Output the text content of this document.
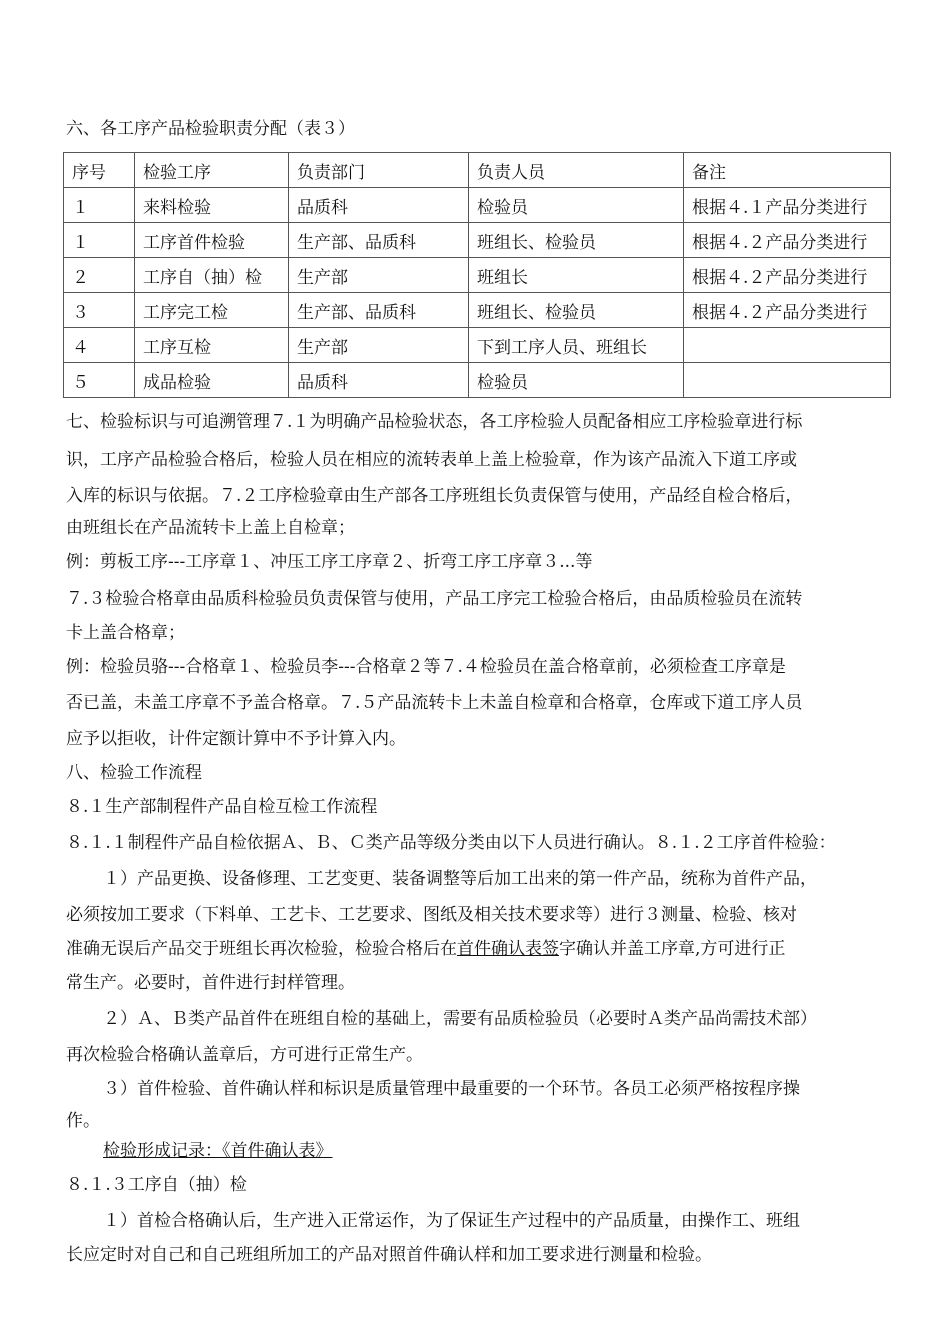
六、各工序产品检验职责分配（表３）
序号	检验工序	负责部门	负责人员	备注
１	来料检验	品质科	检验员	根据４.１产品分类进行
１	工序首件检验	生产部、品质科	班组长、检验员	根据４.２产品分类进行
２	工序自（抽）检	生产部	班组长	根据４.２产品分类进行
３	工序完工检	生产部、品质科	班组长、检验员	根据４.２产品分类进行
４	工序互检	生产部	下到工序人员、班组长	
５	成品检验	品质科	检验员	
七、检验标识与可追溯管理７.１为明确产品检验状态，各工序检验人员配备相应工序检验章进行标
识，工序产品检验合格后，检验人员在相应的流转表单上盖上检验章，作为该产品流入下道工序或
入库的标识与依据。７.２工序检验章由生产部各工序班组长负责保管与使用，产品经自检合格后，
由班组长在产品流转卡上盖上自检章；
例：剪板工序---工序章１、冲压工序工序章２、折弯工序工序章３...等
７.３检验合格章由品质科检验员负责保管与使用，产品工序完工检验合格后，由品质检验员在流转
卡上盖合格章；
例：检验员骆---合格章１、检验员李---合格章２等７.４检验员在盖合格章前，必须检查工序章是
否已盖，未盖工序章不予盖合格章。７.５产品流转卡上未盖自检章和合格章，仓库或下道工序人员
应予以拒收，计件定额计算中不予计算入内。
八、检验工作流程
８.１生产部制程件产品自检互检工作流程
８.１.１制程件产品自检依据Ａ、Ｂ、Ｃ类产品等级分类由以下人员进行确认。８.１.２工序首件检验：
１）产品更换、设备修理、工艺变更、装备调整等后加工出来的第一件产品，统称为首件产品，
必须按加工要求（下料单、工艺卡、工艺要求、图纸及相关技术要求等）进行３测量、检验、核对
准确无误后产品交于班组长再次检验，检验合格后在首件确认表签字确认并盖工序章,方可进行正
常生产。必要时，首件进行封样管理。
２）Ａ、Ｂ类产品首件在班组自检的基础上，需要有品质检验员（必要时Ａ类产品尚需技术部）
再次检验合格确认盖章后，方可进行正常生产。
３）首件检验、首件确认样和标识是质量管理中最重要的一个环节。各员工必须严格按程序操
作。
检验形成记录：《首件确认表》
８.１.３工序自（抽）检
１）首检合格确认后，生产进入正常运作，为了保证生产过程中的产品质量，由操作工、班组
长应定时对自己和自己班组所加工的产品对照首件确认样和加工要求进行测量和检验。
